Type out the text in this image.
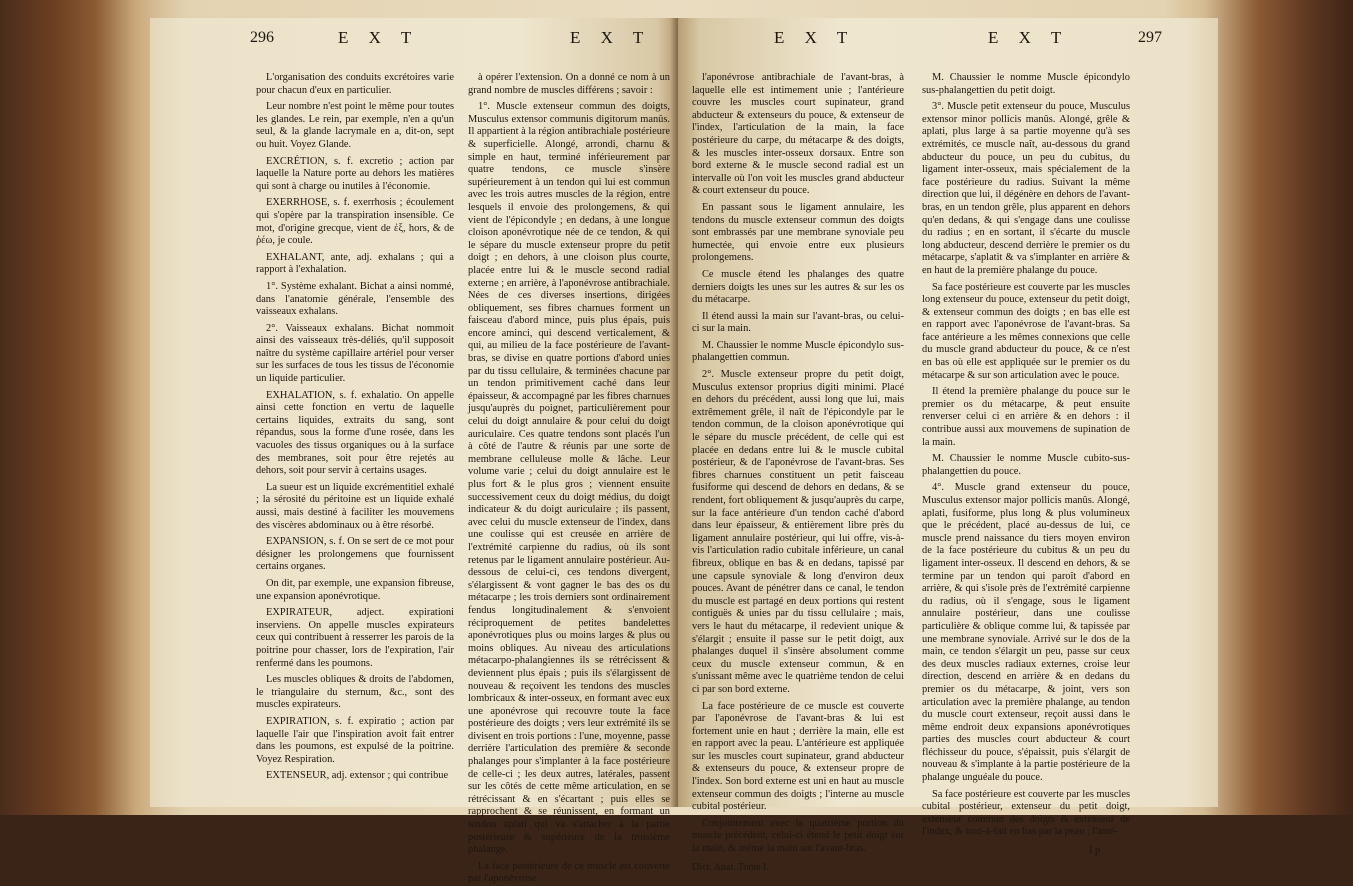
296	E X T	E X T

L'organisation des conduits excrétoires varie pour chacun d'eux en particulier.

Leur nombre n'est point le même pour toutes les glandes. Le rein, par exemple, n'en a qu'un seul, & la glande lacrymale en a, dit-on, sept ou huit. Voyez Glande.

EXCRÉTION, s. f. excretio ; action par laquelle la Nature porte au dehors les matières qui sont à charge ou inutiles à l'économie.

EXERRHOSE, s. f. exerrhosis ; écoulement qui s'opère par la transpiration insensible. Ce mot, d'origine grecque, vient de ἐξ, hors, & de ῥέω, je coule.

EXHALANT, ante, adj. exhalans ; qui a rapport à l'exhalation.

1°. Système exhalant. Bichat a ainsi nommé, dans l'anatomie générale, l'ensemble des vaisseaux exhalans.

2°. Vaisseaux exhalans. Bichat nommoit ainsi des vaisseaux très-déliés, qu'il supposoit naître du système capillaire artériel pour verser sur les surfaces de tous les tissus de l'économie un liquide particulier.

EXHALATION, s. f. exhalatio. On appelle ainsi cette fonction en vertu de laquelle certains liquides, extraits du sang, sont répandus, sous la forme d'une rosée, dans les vacuoles des tissus organiques ou à la surface des membranes, soit pour être rejetés au dehors, soit pour servir à certains usages.

La sueur est un liquide excrémentitiel exhalé ; la sérosité du péritoine est un liquide exhalé aussi, mais destiné à faciliter les mouvemens des viscères abdominaux ou à être résorbé.

EXPANSION, s. f. On se sert de ce mot pour désigner les prolongemens que fournissent certains organes.

On dit, par exemple, une expansion fibreuse, une expansion aponévrotique.

EXPIRATEUR, adject. expirationi inserviens. On appelle muscles expirateurs ceux qui contribuent à resserrer les parois de la poitrine pour chasser, lors de l'expiration, l'air renfermé dans les poumons.

Les muscles obliques & droits de l'abdomen, le triangulaire du sternum, &c., sont des muscles expirateurs.

EXPIRATION, s. f. expiratio ; action par laquelle l'air que l'inspiration avoit fait entrer dans les poumons, est expulsé de la poitrine. Voyez Respiration.

EXTENSEUR, adj. extensor ; qui contribue

à opérer l'extension. On a donné ce nom à un grand nombre de muscles différens ; savoir :

1°. Muscle extenseur commun des doigts, Musculus extensor communis digitorum manûs. Il appartient à la région antibrachiale postérieure & superficielle. Alongé, arrondi, charnu & simple en haut, terminé inférieurement par quatre tendons, ce muscle s'insère supérieurement à un tendon qui lui est commun avec les trois autres muscles de la région, entre lesquels il envoie des prolongemens, & qui vient de l'épicondyle ; en dedans, à une longue cloison aponévrotique née de ce tendon, & qui le sépare du muscle extenseur propre du petit doigt ; en dehors, à une cloison plus courte, placée entre lui & le muscle second radial externe ; en arrière, à l'aponévrose antibrachiale. Nées de ces diverses insertions, dirigées obliquement, ses fibres charnues forment un faisceau d'abord mince, puis plus épais, puis encore aminci, qui descend verticalement, & qui, au milieu de la face postérieure de l'avant-bras, se divise en quatre portions d'abord unies par du tissu cellulaire, & terminées chacune par un tendon primitivement caché dans leur épaisseur, & accompagné par les fibres charnues jusqu'auprès du poignet, particulièrement pour celui du doigt annulaire & pour celui du doigt auriculaire. Ces quatre tendons sont placés l'un à côté de l'autre & réunis par une sorte de membrane celluleuse molle & lâche. Leur volume varie ; celui du doigt annulaire est le plus fort & le plus gros ; viennent ensuite successivement ceux du doigt médius, du doigt indicateur & du doigt auriculaire ; ils passent, avec celui du muscle extenseur de l'index, dans une coulisse qui est creusée en arrière de l'extrémité carpienne du radius, où ils sont retenus par le ligament annulaire postérieur. Au-dessous de celui-ci, ces tendons divergent, s'élargissent & vont gagner le bas des os du métacarpe ; les trois derniers sont ordinairement fendus longitudinalement & s'envoient réciproquement de petites bandelettes aponévrotiques plus ou moins larges & plus ou moins obliques. Au niveau des articulations métacarpo-phalangiennes ils se rétrécissent & deviennent plus épais ; puis ils s'élargissent de nouveau & reçoivent les tendons des muscles lombricaux & inter-osseux, en formant avec eux une aponévrose qui recouvre toute la face postérieure des doigts ; vers leur extrémité ils se divisent en trois portions : l'une, moyenne, passe derrière l'articulation des première & seconde phalanges pour s'implanter à la face postérieure de celle-ci ; les deux autres, latérales, passent sur les côtés de cette même articulation, en se rétrécissant & en s'écartant ; puis elles se rapprochent & se réunissent, en formant un tendon aplati qui va s'attacher à la partie postérieure & supérieure de la troisième phalange.

La face postérieure de ce muscle est couverte par l'aponévrose

E X T	E X T	297

l'aponévrose antibrachiale de l'avant-bras, à laquelle elle est intimement unie ; l'antérieure couvre les muscles court supinateur, grand abducteur & extenseurs du pouce, & extenseur de l'index, l'articulation de la main, la face postérieure du carpe, du métacarpe & des doigts, & les muscles inter-osseux dorsaux. Entre son bord externe & le muscle second radial est un intervalle où l'on voit les muscles grand abducteur & court extenseur du pouce.

En passant sous le ligament annulaire, les tendons du muscle extenseur commun des doigts sont embrassés par une membrane synoviale peu humectée, qui envoie entre eux plusieurs prolongemens.

Ce muscle étend les phalanges des quatre derniers doigts les unes sur les autres & sur les os du métacarpe.

Il étend aussi la main sur l'avant-bras, ou celui-ci sur la main.

M. Chaussier le nomme Muscle épicondylo sus-phalangettien commun.

2°. Muscle extenseur propre du petit doigt, Musculus extensor proprius digiti minimi. Placé en dehors du précédent, aussi long que lui, mais extrêmement grêle, il naît de l'épicondyle par le tendon commun, de la cloison aponévrotique qui le sépare du muscle précédent, de celle qui est placée en dedans entre lui & le muscle cubital postérieur, & de l'aponévrose de l'avant-bras. Ses fibres charnues constituent un petit faisceau fusiforme qui descend de dehors en dedans, & se rendent, fort obliquement & jusqu'auprès du carpe, sur la face antérieure d'un tendon caché d'abord dans leur épaisseur, & entièrement libre près du ligament annulaire postérieur, qui lui offre, vis-à-vis l'articulation radio cubitale inférieure, un canal fibreux, oblique en bas & en dedans, tapissé par une capsule synoviale & long d'environ deux pouces. Avant de pénétrer dans ce canal, le tendon du muscle est partagé en deux portions qui restent contiguës & unies par du tissu cellulaire ; mais, vers le haut du métacarpe, il redevient unique & s'élargit ; ensuite il passe sur le petit doigt, aux phalanges duquel il s'insère absolument comme ceux du muscle extenseur commun, & en s'unissant même avec le quatrième tendon de celui ci par son bord externe.

La face postérieure de ce muscle est couverte par l'aponévrose de l'avant-bras & lui est fortement unie en haut ; derrière la main, elle est en rapport avec la peau. L'antérieure est appliquée sur les muscles court supinateur, grand abducteur & extenseurs du pouce, & extenseur propre de l'index. Son bord externe est uni en haut au muscle extenseur commun des doigts ; l'interne au muscle cubital postérieur.

Conjointement avec la quatrième portion du muscle précédent, celui-ci étend le petit doigt sur la main, & même la main sur l'avant-bras.

Dict. Anat. Tome I.

M. Chaussier le nomme Muscle épicondylo sus-phalangettien du petit doigt.

3°. Muscle petit extenseur du pouce, Musculus extensor minor pollicis manûs. Alongé, grêle & aplati, plus large à sa partie moyenne qu'à ses extrémités, ce muscle naît, au-dessous du grand abducteur du pouce, un peu du cubitus, du ligament inter-osseux, mais spécialement de la face postérieure du radius. Suivant la même direction que lui, il dégénère en dehors de l'avant-bras, en un tendon grêle, plus apparent en dehors qu'en dedans, & qui s'engage dans une coulisse du radius ; en en sortant, il s'écarte du muscle long abducteur, descend derrière le premier os du métacarpe, s'aplatit & va s'implanter en arrière & en haut de la première phalange du pouce.

Sa face postérieure est couverte par les muscles long extenseur du pouce, extenseur du petit doigt, & extenseur commun des doigts ; en bas elle est en rapport avec l'aponévrose de l'avant-bras. Sa face antérieure a les mêmes connexions que celle du muscle grand abducteur du pouce, & ce n'est en bas où elle est appliquée sur le premier os du métacarpe & sur son articulation avec le pouce.

Il étend la première phalange du pouce sur le premier os du métacarpe, & peut ensuite renverser celui ci en arrière & en dehors : il contribue aussi aux mouvemens de supination de la main.

M. Chaussier le nomme Muscle cubito-sus-phalangettien du pouce.

4°. Muscle grand extenseur du pouce, Musculus extensor major pollicis manûs. Alongé, aplati, fusiforme, plus long & plus volumineux que le précédent, placé au-dessus de lui, ce muscle prend naissance du tiers moyen environ de la face postérieure du cubitus & un peu du ligament inter-osseux. Il descend en dehors, & se termine par un tendon qui paroît d'abord en arrière, & qui s'isole près de l'extrémité carpienne du radius, où il s'engage, sous le ligament annulaire postérieur, dans une coulisse particulière & oblique comme lui, & tapissée par une membrane synoviale. Arrivé sur le dos de la main, ce tendon s'élargit un peu, passe sur ceux des deux muscles radiaux externes, croise leur direction, descend en arrière & en dedans du premier os du métacarpe, & joint, vers son articulation avec la première phalange, au tendon du muscle court extenseur, reçoit aussi dans le même endroit deux expansions aponévrotiques parties des muscles court abducteur & court fléchisseur du pouce, s'épaissit, puis s'élargit de nouveau & s'implante à la partie postérieure de la phalange unguéale du pouce.

Sa face postérieure est couverte par les muscles cubital postérieur, extenseur du petit doigt, extenseur commun des doigts & extenseur de l'index, & tout-à-fait en bas par la peau ; l'anté-

I p
